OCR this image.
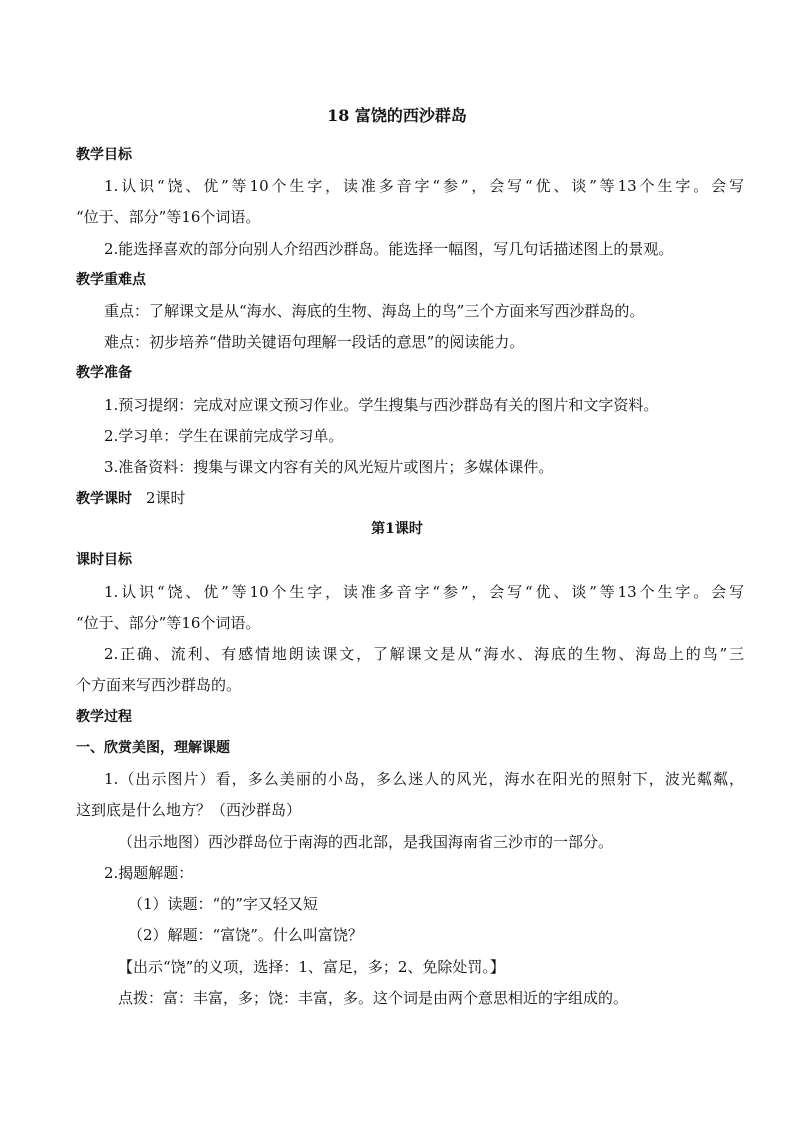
18 富饶的西沙群岛
教学目标
1.认识“饶、优”等10个生字，读准多音字“参”，会写“优、谈”等13个生字。会写
“位于、部分”等16个词语。
2.能选择喜欢的部分向别人介绍西沙群岛。能选择一幅图，写几句话描述图上的景观。
教学重难点
重点：了解课文是从“海水、海底的生物、海岛上的鸟”三个方面来写西沙群岛的。
难点：初步培养“借助关键语句理解一段话的意思”的阅读能力。
教学准备
1.预习提纲：完成对应课文预习作业。学生搜集与西沙群岛有关的图片和文字资料。
2.学习单：学生在课前完成学习单。
3.准备资料：搜集与课文内容有关的风光短片或图片；多媒体课件。
教学课时 2课时
第1课时
课时目标
1.认识“饶、优”等10个生字，读准多音字“参”，会写“优、谈”等13个生字。会写
“位于、部分”等16个词语。
2.正确、流利、有感情地朗读课文，了解课文是从“海水、海底的生物、海岛上的鸟”三
个方面来写西沙群岛的。
教学过程
一、欣赏美图，理解课题
1.（出示图片）看，多么美丽的小岛，多么迷人的风光，海水在阳光的照射下，波光粼粼，
这到底是什么地方？（西沙群岛）
（出示地图）西沙群岛位于南海的西北部，是我国海南省三沙市的一部分。
2.揭题解题：
（1）读题：“的”字又轻又短
（2）解题：“富饶”。什么叫富饶？
【出示“饶”的义项，选择：1、富足，多；2、免除处罚。】
点拨：富：丰富，多；饶：丰富，多。这个词是由两个意思相近的字组成的。
